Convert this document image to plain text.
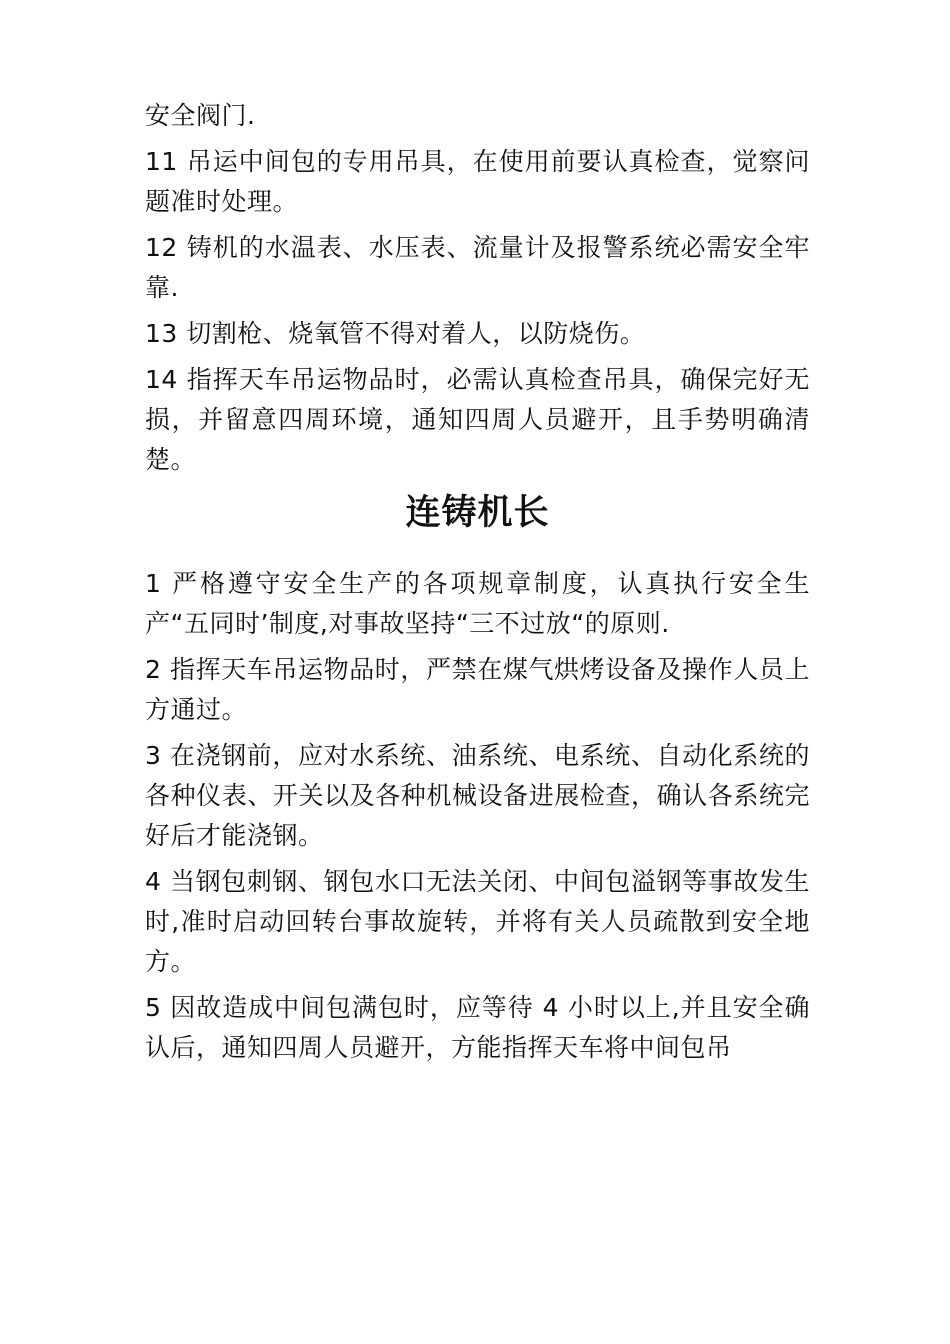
安全阀门.

11 吊运中间包的专用吊具，在使用前要认真检查，觉察问题准时处理。

12 铸机的水温表、水压表、流量计及报警系统必需安全牢靠.

13 切割枪、烧氧管不得对着人，以防烧伤。

14 指挥天车吊运物品时，必需认真检查吊具，确保完好无损，并留意四周环境，通知四周人员避开，且手势明确清楚。

连铸机长

1 严格遵守安全生产的各项规章制度，认真执行安全生产“五同时’制度,对事故坚持“三不过放“的原则.

2 指挥天车吊运物品时，严禁在煤气烘烤设备及操作人员上方通过。

3 在浇钢前，应对水系统、油系统、电系统、自动化系统的各种仪表、开关以及各种机械设备进展检查，确认各系统完好后才能浇钢。

4 当钢包刺钢、钢包水口无法关闭、中间包溢钢等事故发生时,准时启动回转台事故旋转，并将有关人员疏散到安全地方。

5 因故造成中间包满包时，应等待 4 小时以上,并且安全确认后，通知四周人员避开，方能指挥天车将中间包吊
